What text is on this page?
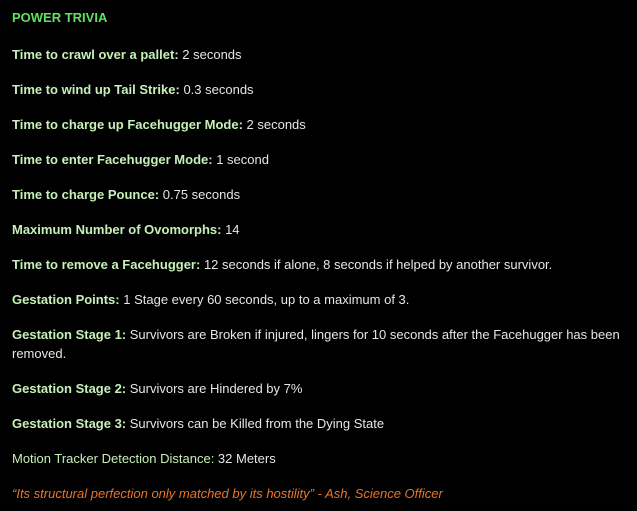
POWER TRIVIA
Time to crawl over a pallet: 2 seconds
Time to wind up Tail Strike: 0.3 seconds
Time to charge up Facehugger Mode: 2 seconds
Time to enter Facehugger Mode: 1 second
Time to charge Pounce: 0.75 seconds
Maximum Number of Ovomorphs: 14
Time to remove a Facehugger: 12 seconds if alone, 8 seconds if helped by another survivor.
Gestation Points: 1 Stage every 60 seconds, up to a maximum of 3.
Gestation Stage 1: Survivors are Broken if injured, lingers for 10 seconds after the Facehugger has been removed.
Gestation Stage 2: Survivors are Hindered by 7%
Gestation Stage 3: Survivors can be Killed from the Dying State
Motion Tracker Detection Distance: 32 Meters
“Its structural perfection only matched by its hostility” - Ash, Science Officer
